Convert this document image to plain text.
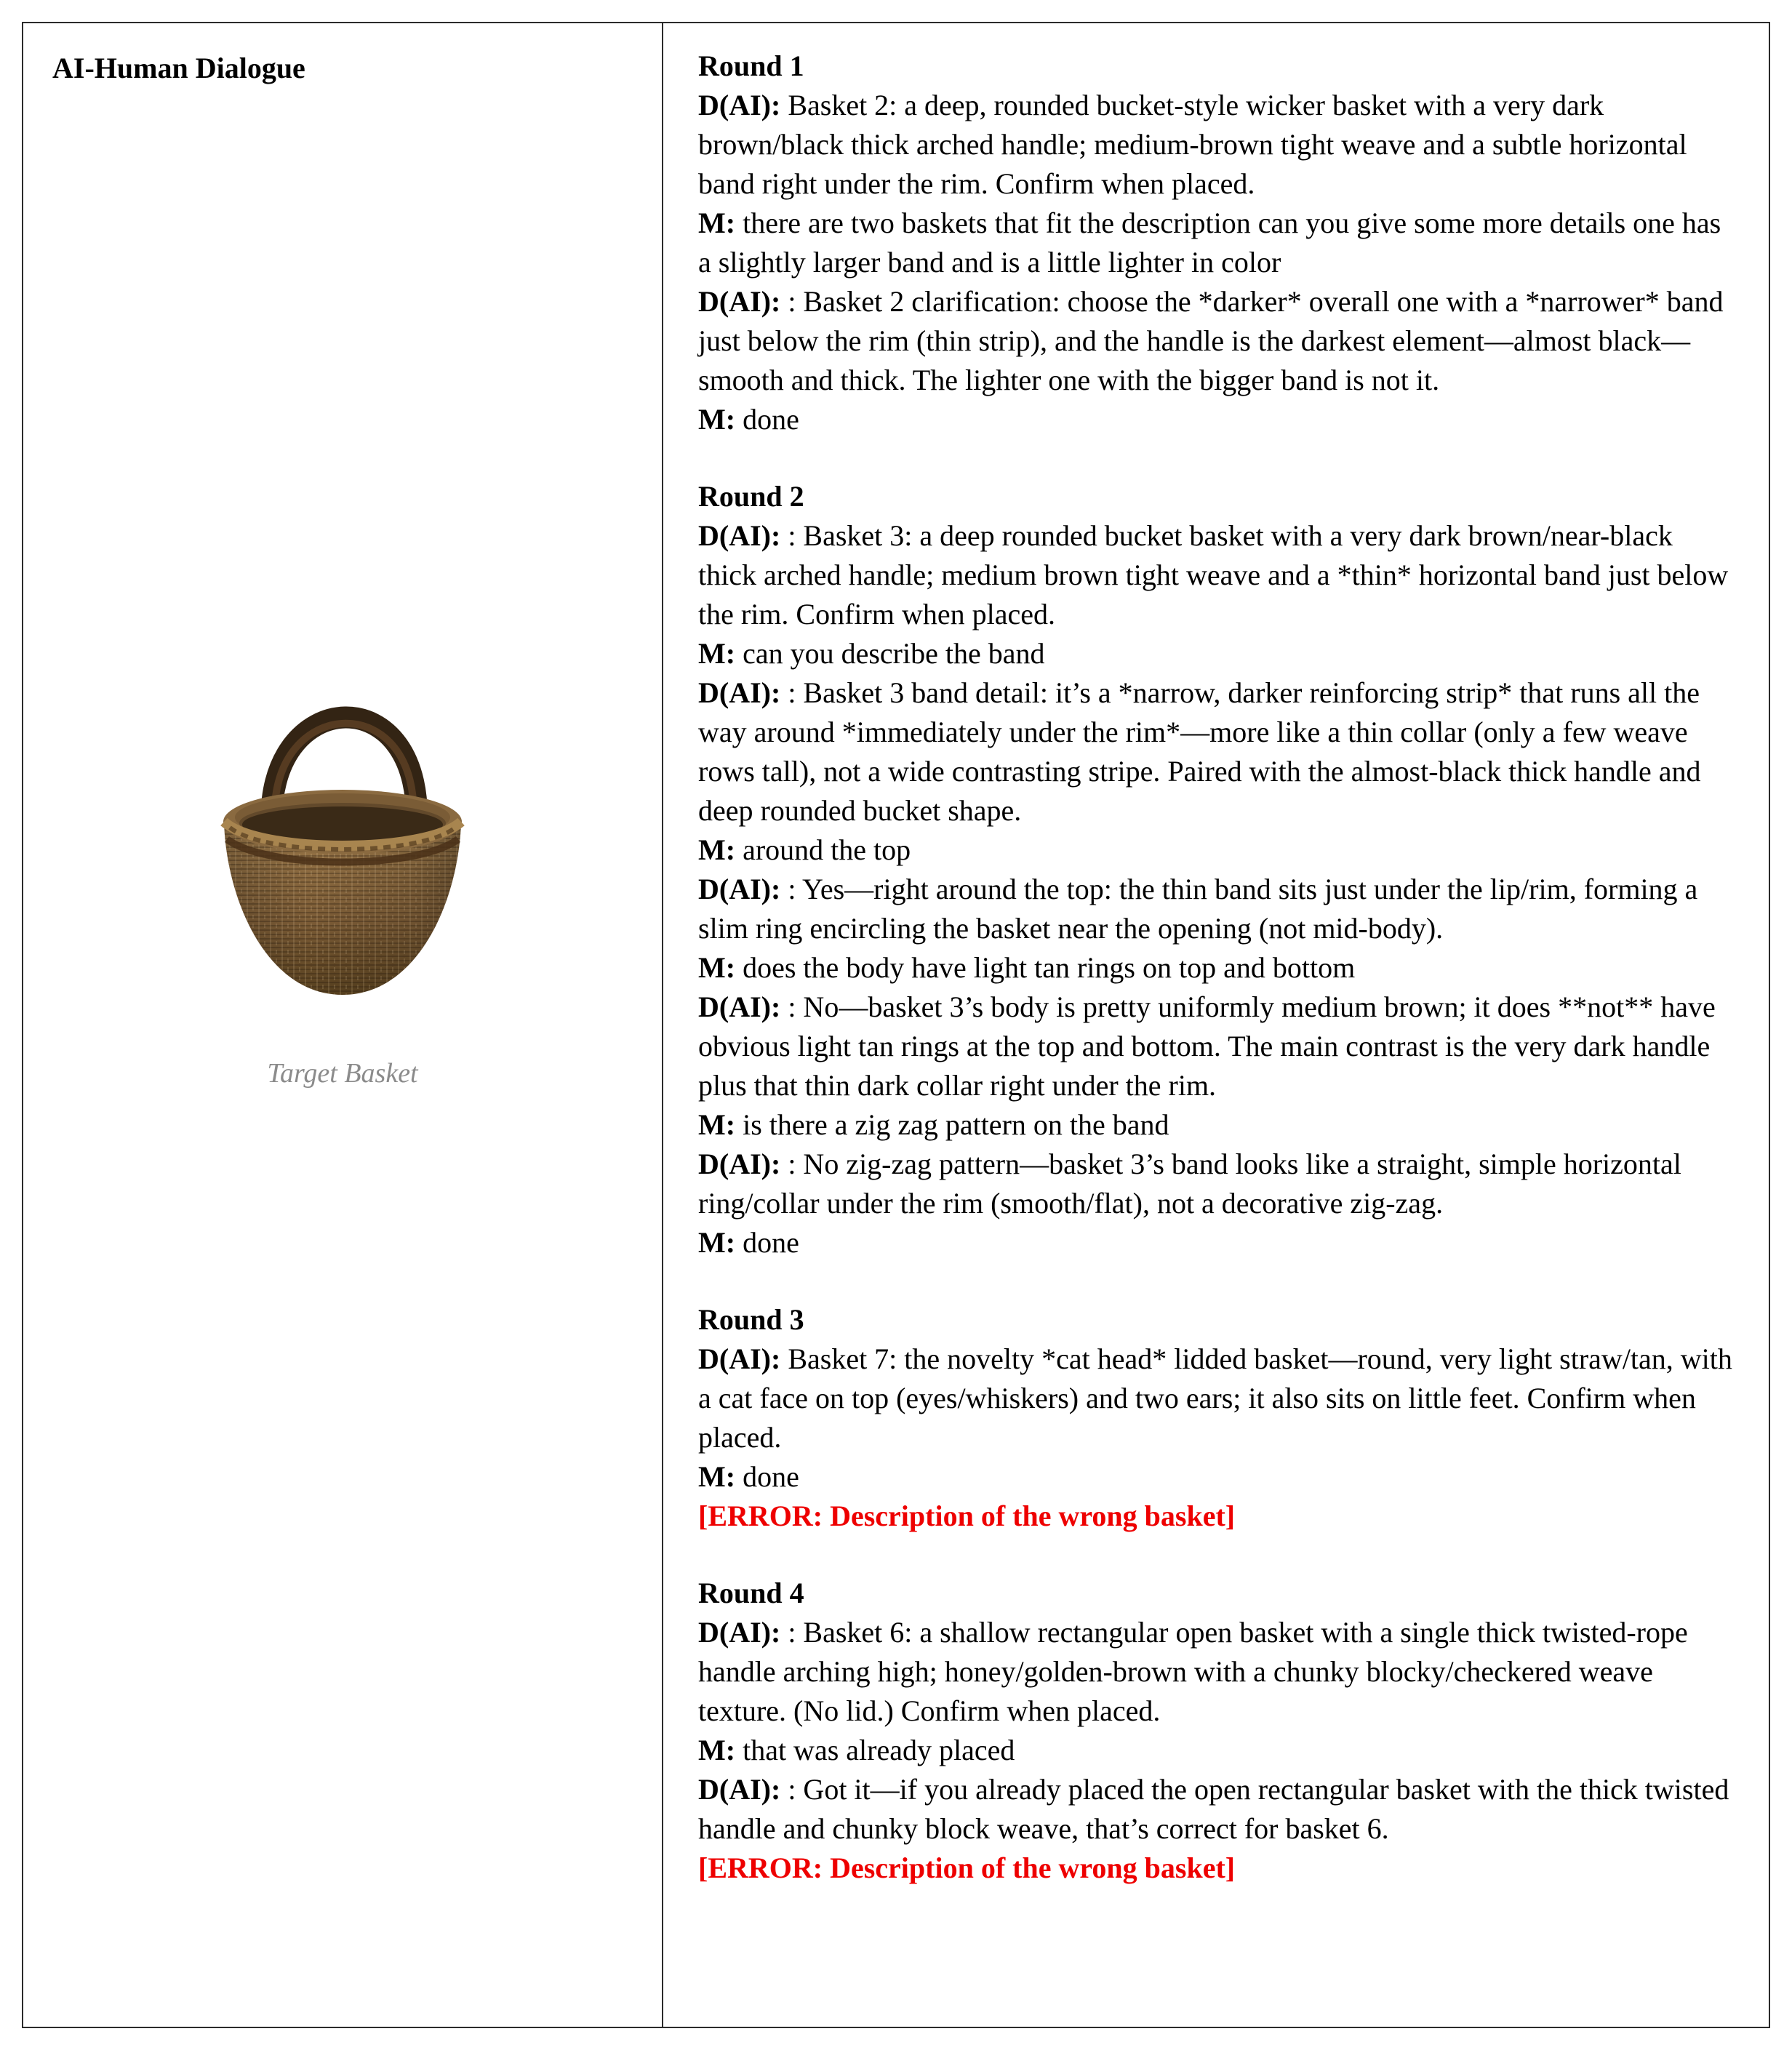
AI-Human Dialogue
Target Basket

Round 1

D(AI): Basket 2: a deep, rounded bucket-style wicker basket with a very dark brown/black thick arched handle; medium-brown tight weave and a subtle horizontal band right under the rim. Confirm when placed.

M: there are two baskets that fit the description can you give some more details one has a slightly larger band and is a little lighter in color

D(AI): : Basket 2 clarification: choose the *darker* overall one with a *narrower* band just below the rim (thin strip), and the handle is the darkest element—almost black—smooth and thick. The lighter one with the bigger band is not it.

M: done

Round 2

D(AI): : Basket 3: a deep rounded bucket basket with a very dark brown/near-black thick arched handle; medium brown tight weave and a *thin* horizontal band just below the rim. Confirm when placed.

M: can you describe the band

D(AI): : Basket 3 band detail: it’s a *narrow, darker reinforcing strip* that runs all the way around *immediately under the rim*—more like a thin collar (only a few weave rows tall), not a wide contrasting stripe. Paired with the almost-black thick handle and deep rounded bucket shape.

M: around the top

D(AI): : Yes—right around the top: the thin band sits just under the lip/rim, forming a slim ring encircling the basket near the opening (not mid-body).

M: does the body have light tan rings on top and bottom

D(AI): : No—basket 3’s body is pretty uniformly medium brown; it does **not** have obvious light tan rings at the top and bottom. The main contrast is the very dark handle plus that thin dark collar right under the rim.

M: is there a zig zag pattern on the band

D(AI): : No zig-zag pattern—basket 3’s band looks like a straight, simple horizontal ring/collar under the rim (smooth/flat), not a decorative zig-zag.

M: done

Round 3

D(AI): Basket 7: the novelty *cat head* lidded basket—round, very light straw/tan, with a cat face on top (eyes/whiskers) and two ears; it also sits on little feet. Confirm when placed.

M: done

[ERROR: Description of the wrong basket]

Round 4

D(AI): : Basket 6: a shallow rectangular open basket with a single thick twisted-rope handle arching high; honey/golden-brown with a chunky blocky/checkered weave texture. (No lid.) Confirm when placed.

M: that was already placed

D(AI): : Got it—if you already placed the open rectangular basket with the thick twisted handle and chunky block weave, that’s correct for basket 6.

[ERROR: Description of the wrong basket]
